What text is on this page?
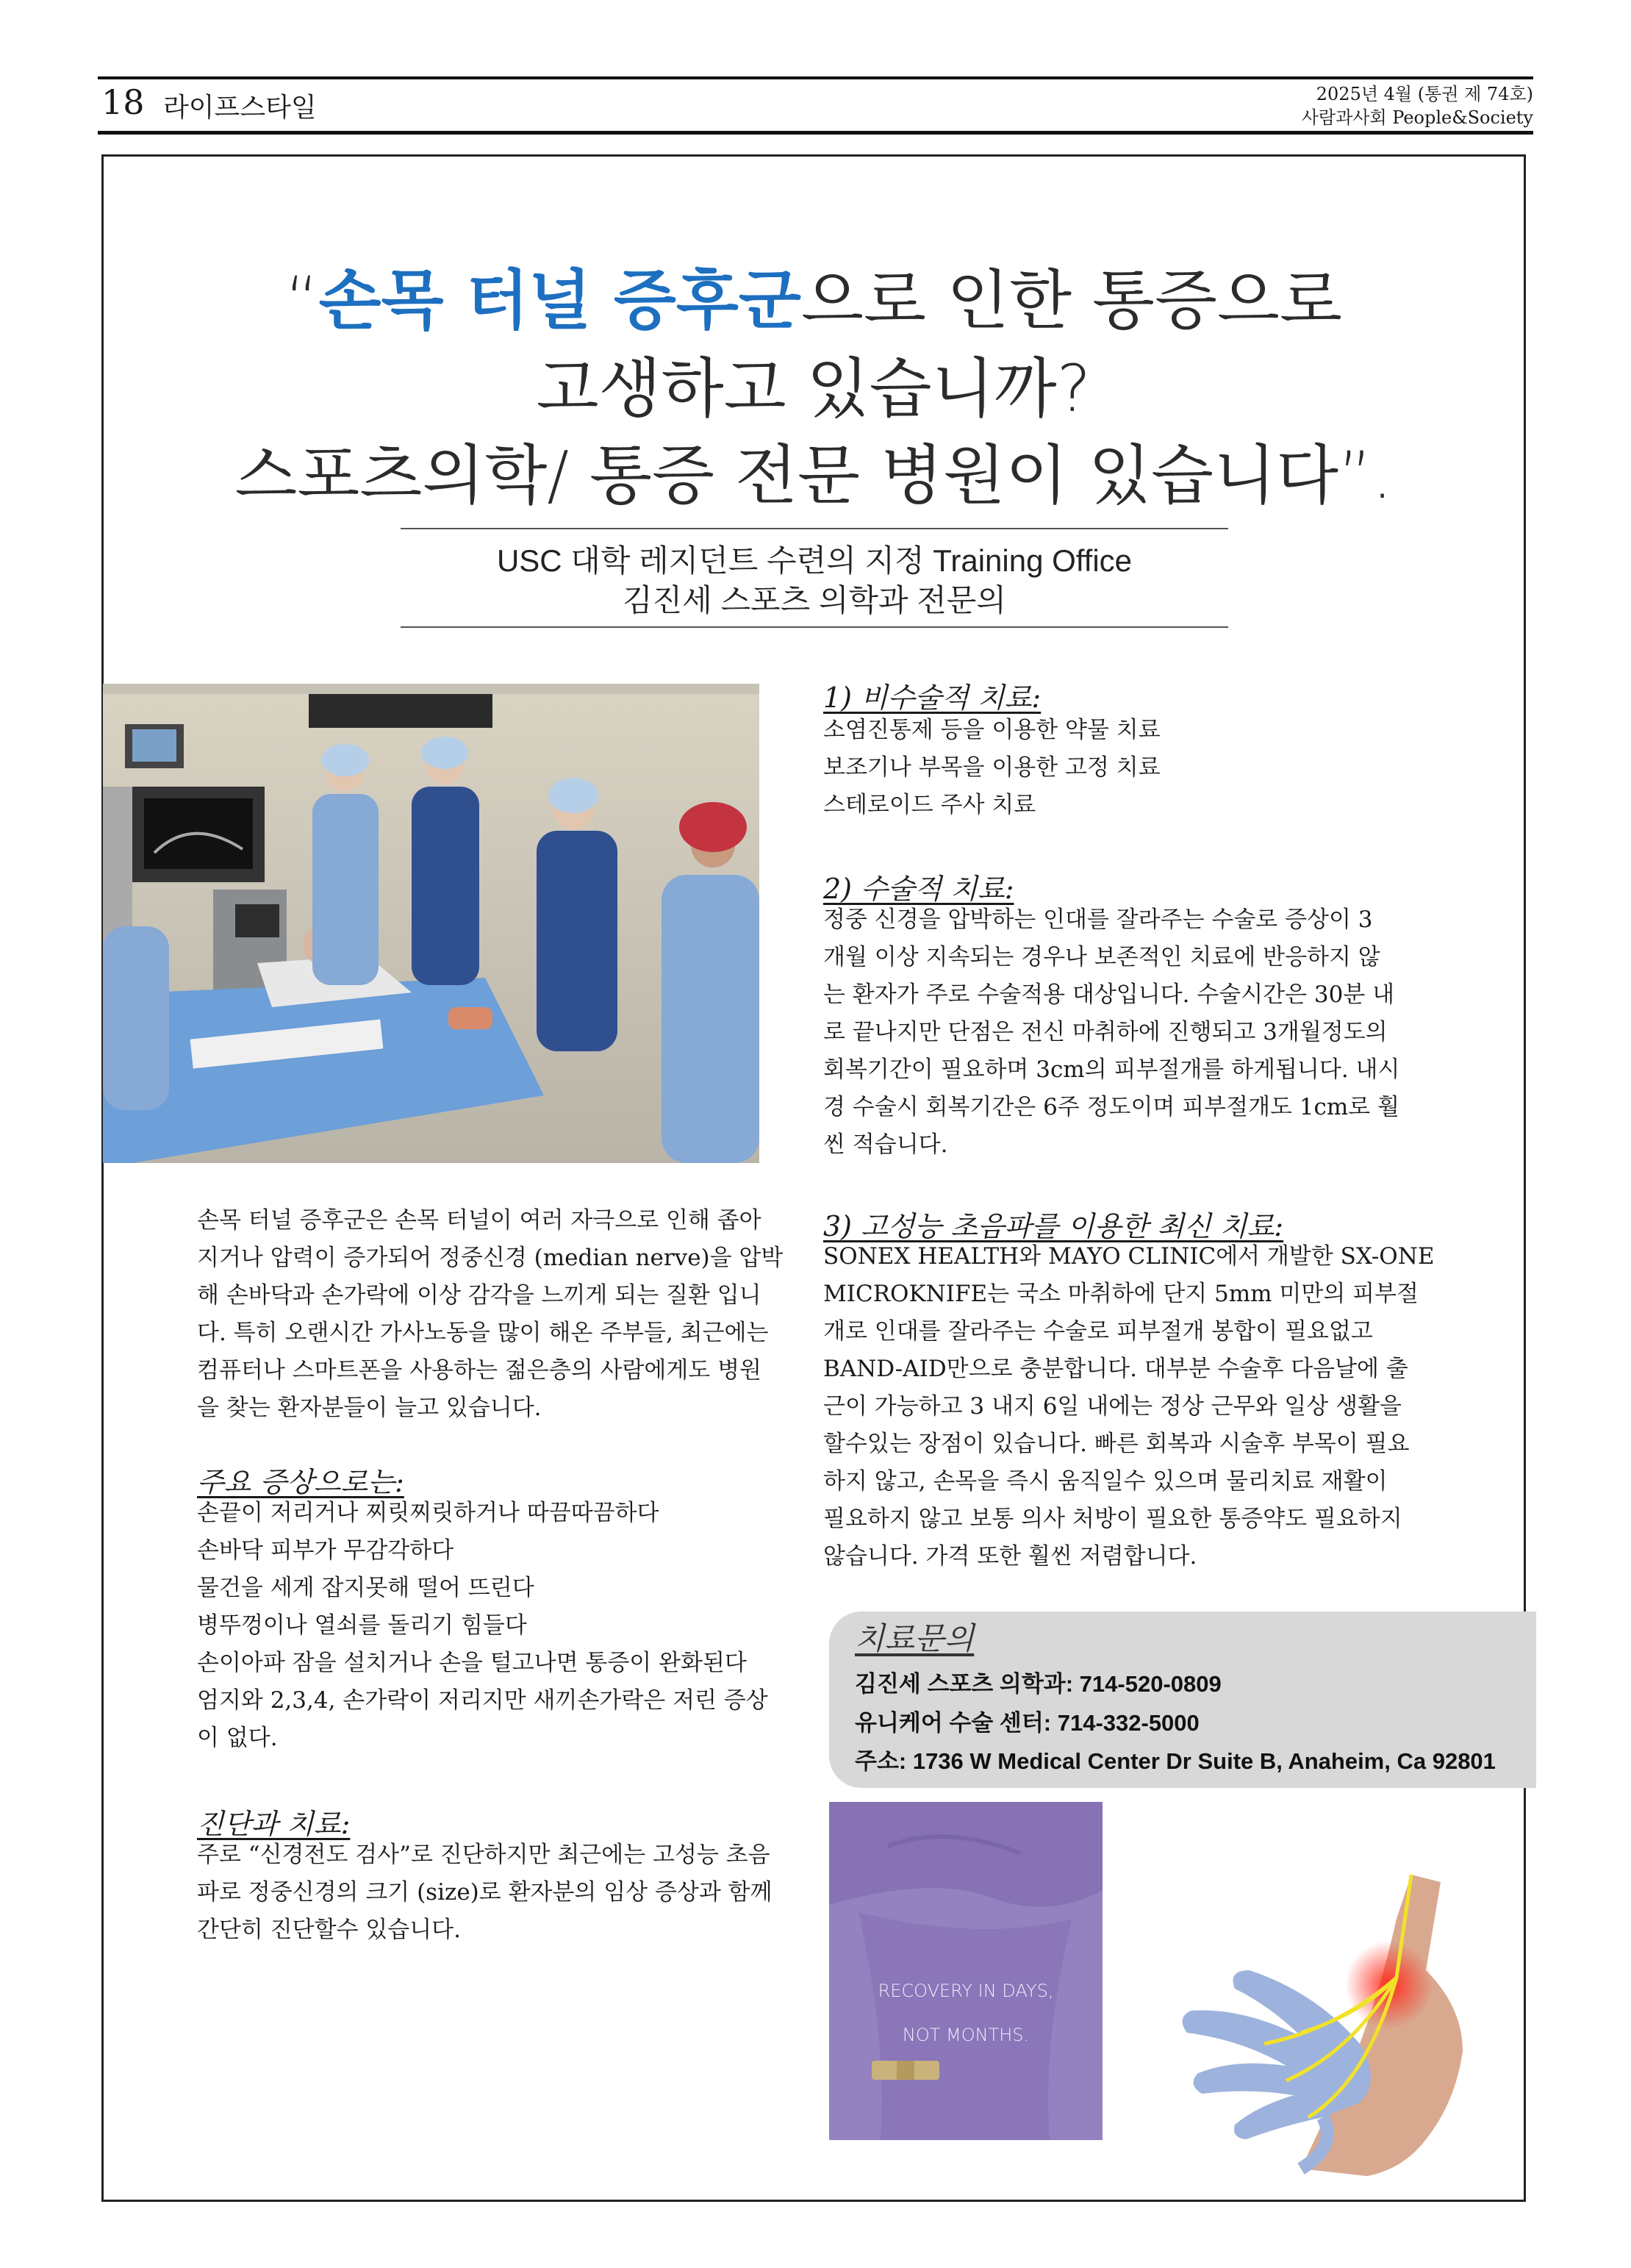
18 라이프스타일	2025년 4월 (통권 제 74호)
사람과사회 People&Society
“손목 터널 증후군으로 인한 통증으로
고생하고 있습니까?
스포츠의학/ 통증 전문 병원이 있습니다”.
USC 대학 레지던트 수련의 지정 Training Office
김진세 스포츠 의학과 전문의

손목 터널 증후군은 손목 터널이 여러 자극으로 인해 좁아

지거나 압력이 증가되어 정중신경 (median nerve)을 압박

해 손바닥과 손가락에 이상 감각을 느끼게 되는 질환 입니

다. 특히 오랜시간 가사노동을 많이 해온 주부들, 최근에는

컴퓨터나 스마트폰을 사용하는 젊은층의 사람에게도 병원

을 찾는 환자분들이 늘고 있습니다.

주요 증상으로는:

손끝이 저리거나 찌릿찌릿하거나 따끔따끔하다

손바닥 피부가 무감각하다

물건을 세게 잡지못해 떨어 뜨린다

병뚜껑이나 열쇠를 돌리기 힘들다

손이아파 잠을 설치거나 손을 털고나면 통증이 완화된다

엄지와 2,3,4, 손가락이 저리지만 새끼손가락은 저린 증상

이 없다.

진단과 치료:

주로 “신경전도 검사”로 진단하지만 최근에는 고성능 초음

파로 정중신경의 크기 (size)로 환자분의 임상 증상과 함께

간단히 진단할수 있습니다.

1) 비수술적 치료:

소염진통제 등을 이용한 약물 치료

보조기나 부목을 이용한 고정 치료

스테로이드 주사 치료

2) 수술적 치료:

정중 신경을 압박하는 인대를 잘라주는 수술로 증상이 3

개월 이상 지속되는 경우나 보존적인 치료에 반응하지 않

는 환자가 주로 수술적용 대상입니다. 수술시간은 30분 내

로 끝나지만 단점은 전신 마취하에 진행되고 3개월정도의

회복기간이 필요하며 3cm의 피부절개를 하게됩니다. 내시

경 수술시 회복기간은 6주 정도이며 피부절개도 1cm로 훨

씬 적습니다.

3) 고성능 초음파를 이용한 최신 치료:

SONEX HEALTH와 MAYO CLINIC에서 개발한 SX-ONE

MICROKNIFE는 국소 마취하에 단지 5mm 미만의 피부절

개로 인대를 잘라주는 수술로 피부절개 봉합이 필요없고

BAND-AID만으로 충분합니다. 대부분 수술후 다음날에 출

근이 가능하고 3 내지 6일 내에는 정상 근무와 일상 생활을

할수있는 장점이 있습니다. 빠른 회복과 시술후 부목이 필요

하지 않고, 손목을 즉시 움직일수 있으며 물리치료 재활이

필요하지 않고 보통 의사 처방이 필요한 통증약도 필요하지

않습니다. 가격 또한 훨씬 저렴합니다.

치료문의
김진세 스포츠 의학과: 714-520-0809
유니케어 수술 센터: 714-332-5000
주소: 1736 W Medical Center Dr Suite B, Anaheim, Ca 92801

RECOVERY IN DAYS,

NOT MONTHS.
